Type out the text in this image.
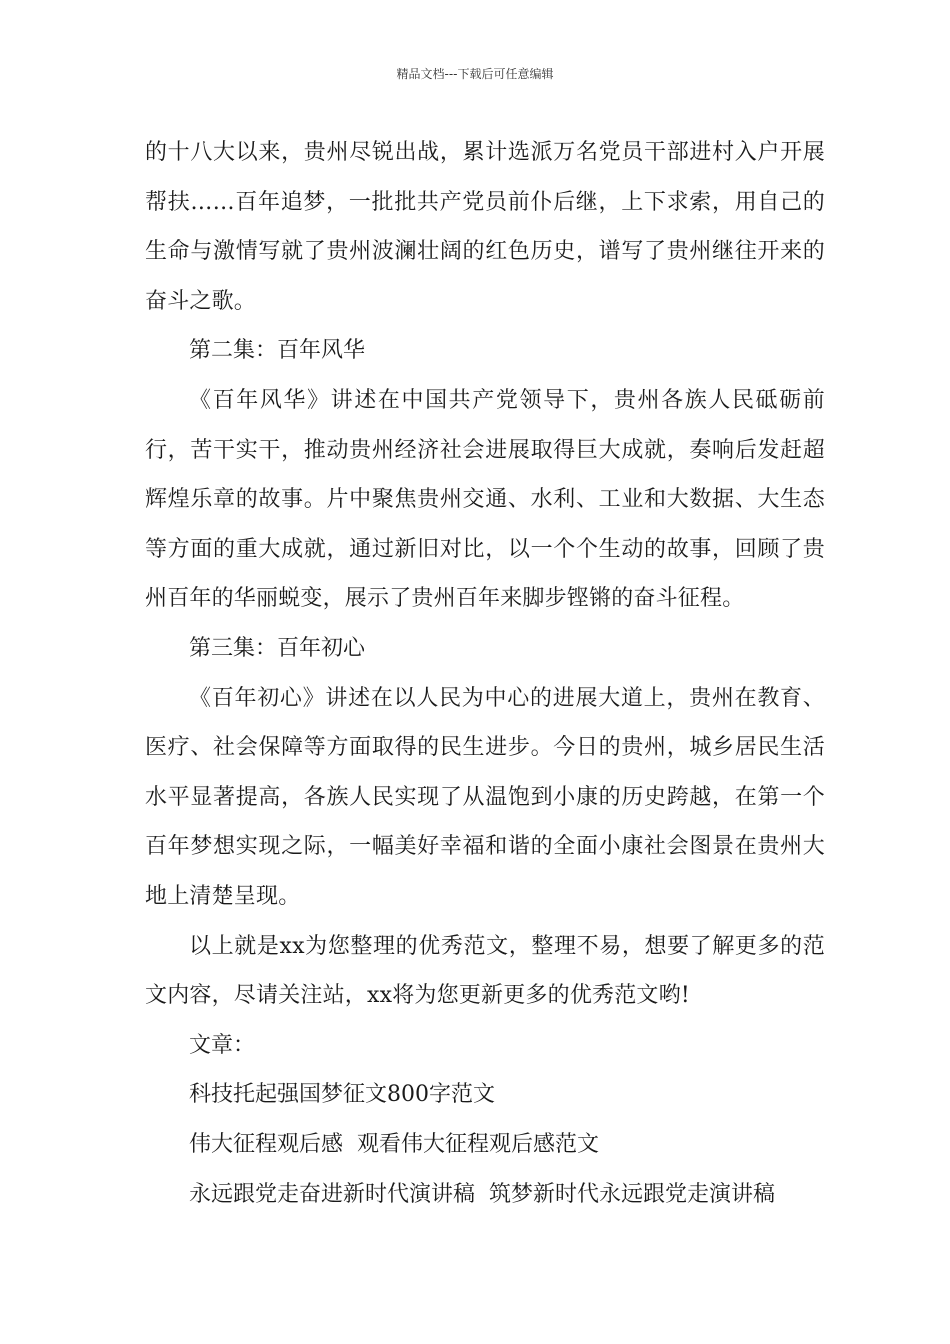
精品文档---下载后可任意编辑

的十八大以来，贵州尽锐出战，累计选派万名党员干部进村入户开展帮扶……百年追梦，一批批共产党员前仆后继，上下求索，用自己的生命与激情写就了贵州波澜壮阔的红色历史，谱写了贵州继往开来的奋斗之歌。

第二集：百年风华

《百年风华》讲述在中国共产党领导下，贵州各族人民砥砺前行，苦干实干，推动贵州经济社会进展取得巨大成就，奏响后发赶超辉煌乐章的故事。片中聚焦贵州交通、水利、工业和大数据、大生态等方面的重大成就，通过新旧对比，以一个个生动的故事，回顾了贵州百年的华丽蜕变，展示了贵州百年来脚步铿锵的奋斗征程。

第三集：百年初心

《百年初心》讲述在以人民为中心的进展大道上，贵州在教育、医疗、社会保障等方面取得的民生进步。今日的贵州，城乡居民生活水平显著提高，各族人民实现了从温饱到小康的历史跨越，在第一个百年梦想实现之际，一幅美好幸福和谐的全面小康社会图景在贵州大地上清楚呈现。

以上就是xx为您整理的优秀范文，整理不易，想要了解更多的范文内容，尽请关注站，xx将为您更新更多的优秀范文哟!

文章：

科技托起强国梦征文800字范文

伟大征程观后感 观看伟大征程观后感范文

永远跟党走奋进新时代演讲稿 筑梦新时代永远跟党走演讲稿
